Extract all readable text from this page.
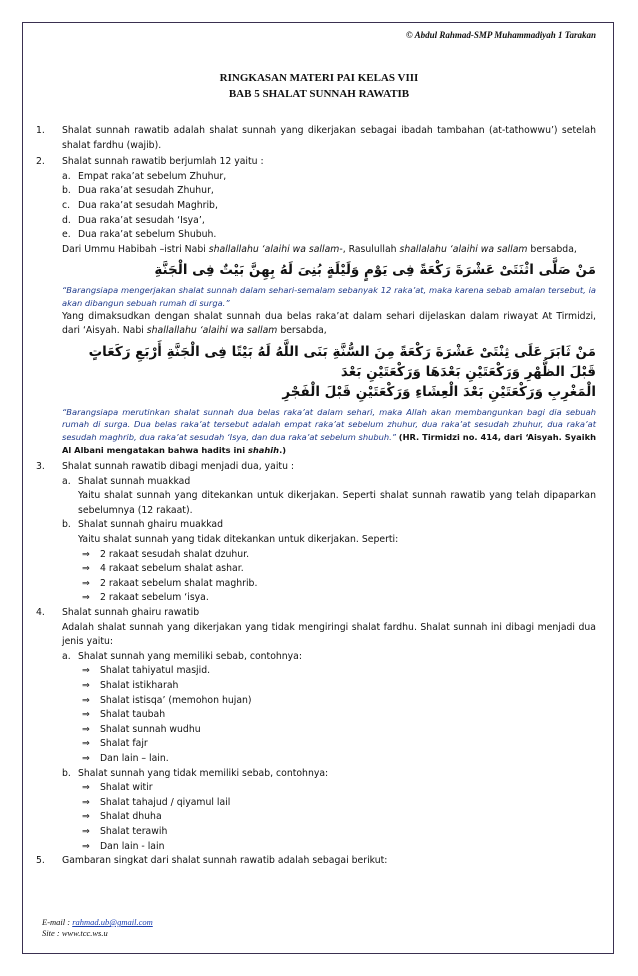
© Abdul Rahmad-SMP Muhammadiyah 1 Tarakan
RINGKASAN MATERI PAI KELAS VIII
BAB 5 SHALAT SUNNAH RAWATIB
1. Shalat sunnah rawatib adalah shalat sunnah yang dikerjakan sebagai ibadah tambahan (at-tathowwu’) setelah shalat fardhu (wajib).
2. Shalat sunnah rawatib berjumlah 12 yaitu :
a. Empat raka’at sebelum Zhuhur,
b. Dua raka’at sesudah Zhuhur,
c. Dua raka’at sesudah Maghrib,
d. Dua raka’at sesudah ‘Isya’,
e. Dua raka’at sebelum Shubuh.
Dari Ummu Habibah –istri Nabi shallallahu ‘alaihi wa sallam-, Rasulullah shallalahu ‘alaihi wa sallam bersabda,
مَنْ صَلَّى اثْنَتَىْ عَشْرَةَ رَكْعَةً فِى يَوْمٍ وَلَيْلَةٍ بُنِىَ لَهُ بِهِنَّ بَيْتٌ فِى الْجَنَّةِ
“Barangsiapa mengerjakan shalat sunnah dalam sehari-semalam sebanyak 12 raka’at, maka karena sebab amalan tersebut, ia akan dibangun sebuah rumah di surga.”
Yang dimaksudkan dengan shalat sunnah dua belas raka’at dalam sehari dijelaskan dalam riwayat At Tirmidzi, dari ‘Aisyah. Nabi shallallahu ‘alaihi wa sallam bersabda,
مَنْ ثَابَرَ عَلَى ثِنْتَىْ عَشْرَةَ رَكْعَةً مِنَ السُّنَّةِ بَنَى اللَّهُ لَهُ بَيْتًا فِى الْجَنَّةِ أَرْبَعِ رَكَعَاتٍ قَبْلَ الظُّهْرِ وَرَكْعَتَيْنِ بَعْدَهَا وَرَكْعَتَيْنِ بَعْدَ
الْمَغْرِبِ وَرَكْعَتَيْنِ بَعْدَ الْعِشَاءِ وَرَكْعَتَيْنِ قَبْلَ الْفَجْرِ
“Barangsiapa merutinkan shalat sunnah dua belas raka’at dalam sehari, maka Allah akan membangunkan bagi dia sebuah rumah di surga. Dua belas raka’at tersebut adalah empat raka’at sebelum zhuhur, dua raka’at sesudah zhuhur, dua raka’at sesudah maghrib, dua raka’at sesudah ‘Isya, dan dua raka’at sebelum shubuh.” (HR. Tirmidzi no. 414, dari ‘Aisyah. Syaikh Al Albani mengatakan bahwa hadits ini shahih.)
3. Shalat sunnah rawatib dibagi menjadi dua, yaitu :
a. Shalat sunnah muakkad
Yaitu shalat sunnah yang ditekankan untuk dikerjakan. Seperti shalat sunnah rawatib yang telah dipaparkan sebelumnya (12 rakaat).
b. Shalat sunnah ghairu muakkad
Yaitu shalat sunnah yang tidak ditekankan untuk dikerjakan. Seperti:
⇒ 2 rakaat sesudah shalat dzuhur.
⇒ 4 rakaat sebelum shalat ashar.
⇒ 2 rakaat sebelum shalat maghrib.
⇒ 2 rakaat sebelum ‘isya.
4. Shalat sunnah ghairu rawatib
Adalah shalat sunnah yang dikerjakan yang tidak mengiringi shalat fardhu. Shalat sunnah ini dibagi menjadi dua jenis yaitu:
a. Shalat sunnah yang memiliki sebab, contohnya:
⇒ Shalat tahiyatul masjid.
⇒ Shalat istikharah
⇒ Shalat istisqa’ (memohon hujan)
⇒ Shalat taubah
⇒ Shalat sunnah wudhu
⇒ Shalat fajr
⇒ Dan lain – lain.
b. Shalat sunnah yang tidak memiliki sebab, contohnya:
⇒ Shalat witir
⇒ Shalat tahajud / qiyamul lail
⇒ Shalat dhuha
⇒ Shalat terawih
⇒ Dan lain - lain
5. Gambaran singkat dari shalat sunnah rawatib adalah sebagai berikut:
E-mail : rahmad.ub@gmail.com
Site : www.tcc.ws.u
